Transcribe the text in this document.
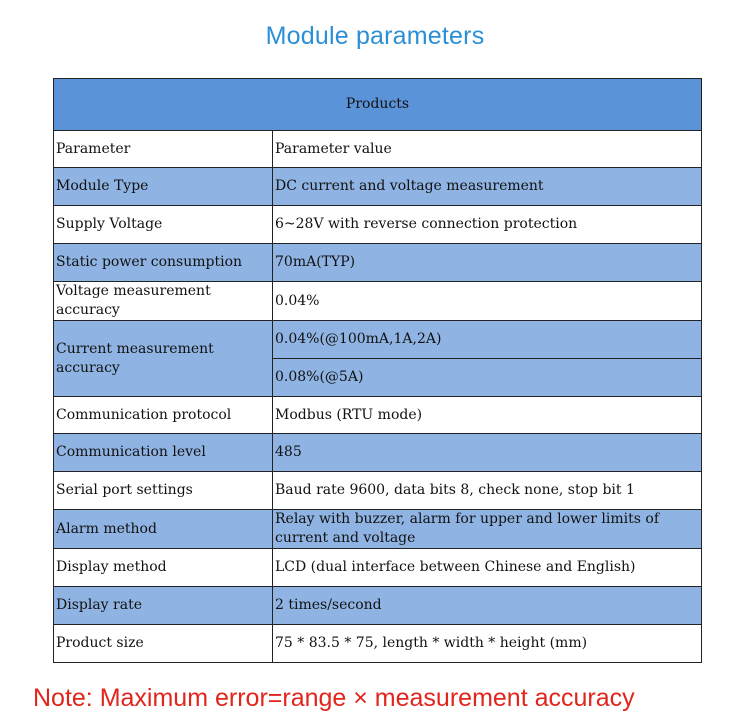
Module parameters
Products	
Parameter	Parameter value
Module Type	DC current and voltage measurement
Supply Voltage	6~28V with reverse connection protection
Static power consumption	70mA(TYP)
Voltage measurement accuracy	0.04%
Current measurement accuracy	0.04%(@100mA,1A,2A)
	0.08%(@5A)
Communication protocol	Modbus (RTU mode)
Communication level	485
Serial port settings	Baud rate 9600, data bits 8, check none, stop bit 1
Alarm method	Relay with buzzer, alarm for upper and lower limits of current and voltage
Display method	LCD (dual interface between Chinese and English)
Display rate	2 times/second
Product size	75 * 83.5 * 75, length * width * height (mm)
Note: Maximum error=range × measurement accuracy
